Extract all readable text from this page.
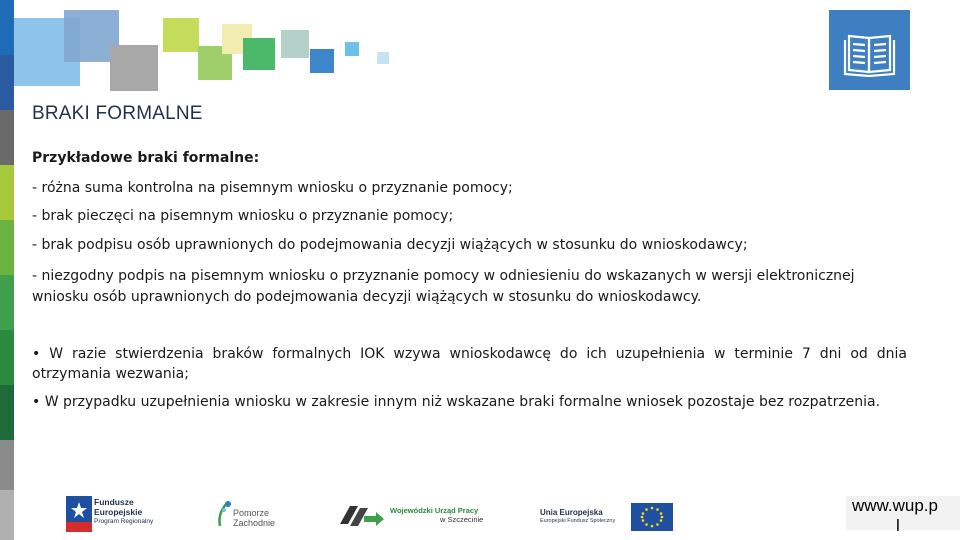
BRAKI FORMALNE
Przykładowe braki formalne:
- różna suma kontrolna na pisemnym wniosku o przyznanie pomocy;
- brak pieczęci na pisemnym wniosku o przyznanie pomocy;
- brak podpisu osób uprawnionych do podejmowania decyzji wiążących w stosunku do wnioskodawcy;
- niezgodny podpis na pisemnym wniosku o przyznanie pomocy w odniesieniu do wskazanych w wersji elektronicznej wniosku osób uprawnionych do podejmowania decyzji wiążących w stosunku do wnioskodawcy.
• W razie stwierdzenia braków formalnych IOK wzywa wnioskodawcę do ich uzupełnienia w terminie 7 dni od dnia otrzymania wezwania;
• W przypadku uzupełnienia wniosku w zakresie innym niż wskazane braki formalne wniosek pozostaje bez rozpatrzenia.
Fundusze
Europejskie
Program Regionalny
Pomorze
Zachodnie
Wojewódzki Urząd Pracy
w Szczecinie
Unia Europejska
Europejski Fundusz Społeczny
www.wup.p
l
